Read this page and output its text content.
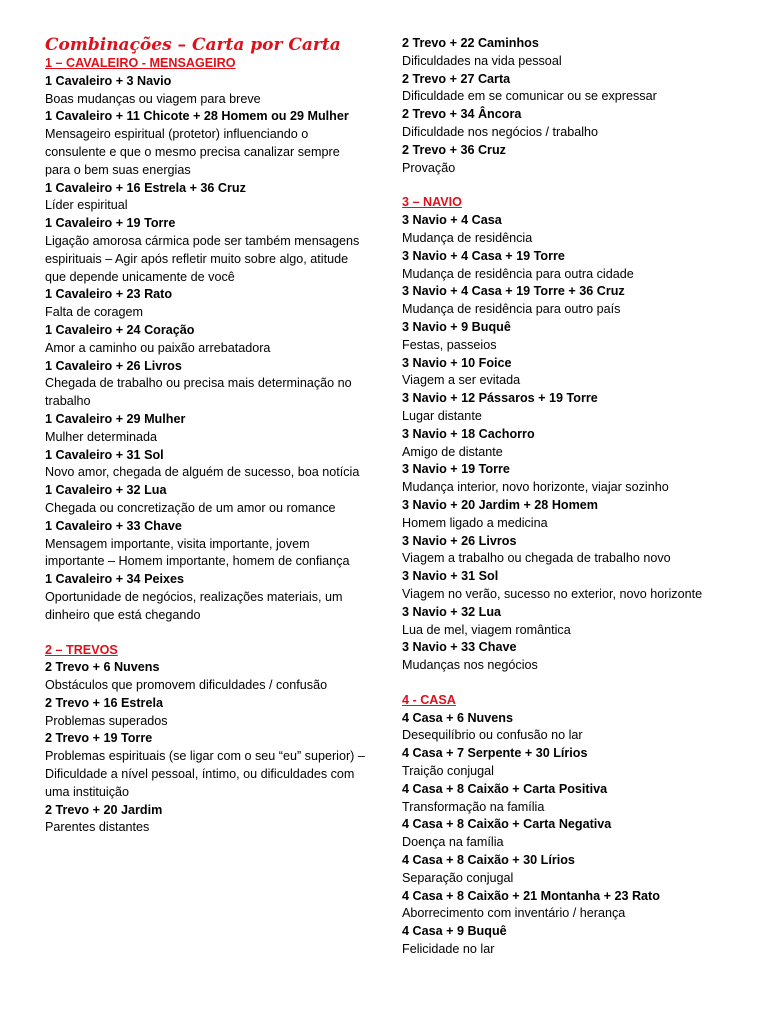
Combinações – Carta por Carta
1 – CAVALEIRO - MENSAGEIRO
1 Cavaleiro + 3 Navio
Boas mudanças ou viagem para breve
1 Cavaleiro + 11 Chicote + 28 Homem ou 29 Mulher
Mensageiro espiritual (protetor) influenciando o consulente e que o mesmo precisa canalizar sempre para o bem suas energias
1 Cavaleiro + 16 Estrela + 36 Cruz
Líder espiritual
1 Cavaleiro + 19 Torre
Ligação amorosa cármica pode ser também mensagens espirituais – Agir após refletir muito sobre algo, atitude que depende unicamente de você
1 Cavaleiro + 23 Rato
Falta de coragem
1 Cavaleiro + 24 Coração
Amor a caminho ou paixão arrebatadora
1 Cavaleiro + 26 Livros
Chegada de trabalho ou precisa mais determinação no trabalho
1 Cavaleiro + 29 Mulher
Mulher determinada
1 Cavaleiro + 31 Sol
Novo amor, chegada de alguém de sucesso, boa notícia
1 Cavaleiro + 32 Lua
Chegada ou concretização de um amor ou romance
1 Cavaleiro + 33 Chave
Mensagem importante, visita importante, jovem importante – Homem importante, homem de confiança
1 Cavaleiro + 34 Peixes
Oportunidade de negócios, realizações materiais, um dinheiro que está chegando
2 – TREVOS
2 Trevo + 6 Nuvens
Obstáculos que promovem dificuldades / confusão
2 Trevo + 16 Estrela
Problemas superados
2 Trevo + 19 Torre
Problemas espirituais (se ligar com o seu “eu” superior) – Dificuldade a nível pessoal, íntimo, ou dificuldades com uma instituição
2 Trevo + 20 Jardim
Parentes distantes
2 Trevo + 22 Caminhos
Dificuldades na vida pessoal
2 Trevo + 27 Carta
Dificuldade em se comunicar ou se expressar
2 Trevo + 34 Âncora
Dificuldade nos negócios / trabalho
2 Trevo + 36 Cruz
Provação
3 – NAVIO
3 Navio + 4 Casa
Mudança de residência
3 Navio + 4 Casa + 19 Torre
Mudança de residência para outra cidade
3 Navio + 4 Casa + 19 Torre + 36 Cruz
Mudança de residência para outro país
3 Navio + 9 Buquê
Festas, passeios
3 Navio + 10 Foice
Viagem a ser evitada
3 Navio + 12 Pássaros + 19 Torre
Lugar distante
3 Navio + 18 Cachorro
Amigo de distante
3 Navio + 19 Torre
Mudança interior, novo horizonte, viajar sozinho
3 Navio + 20 Jardim + 28 Homem
Homem ligado a medicina
3 Navio + 26 Livros
Viagem a trabalho ou chegada de trabalho novo
3 Navio + 31 Sol
Viagem no verão, sucesso no exterior, novo horizonte
3 Navio + 32 Lua
Lua de mel, viagem romântica
3 Navio + 33 Chave
Mudanças nos negócios
4 - CASA
4 Casa + 6 Nuvens
Desequilíbrio ou confusão no lar
4 Casa + 7 Serpente + 30 Lírios
Traição conjugal
4 Casa + 8 Caixão + Carta Positiva
Transformação na família
4 Casa + 8 Caixão + Carta Negativa
Doença na família
4 Casa + 8 Caixão + 30 Lírios
Separação conjugal
4 Casa + 8 Caixão + 21 Montanha + 23 Rato
Aborrecimento com inventário / herança
4 Casa + 9 Buquê
Felicidade no lar
